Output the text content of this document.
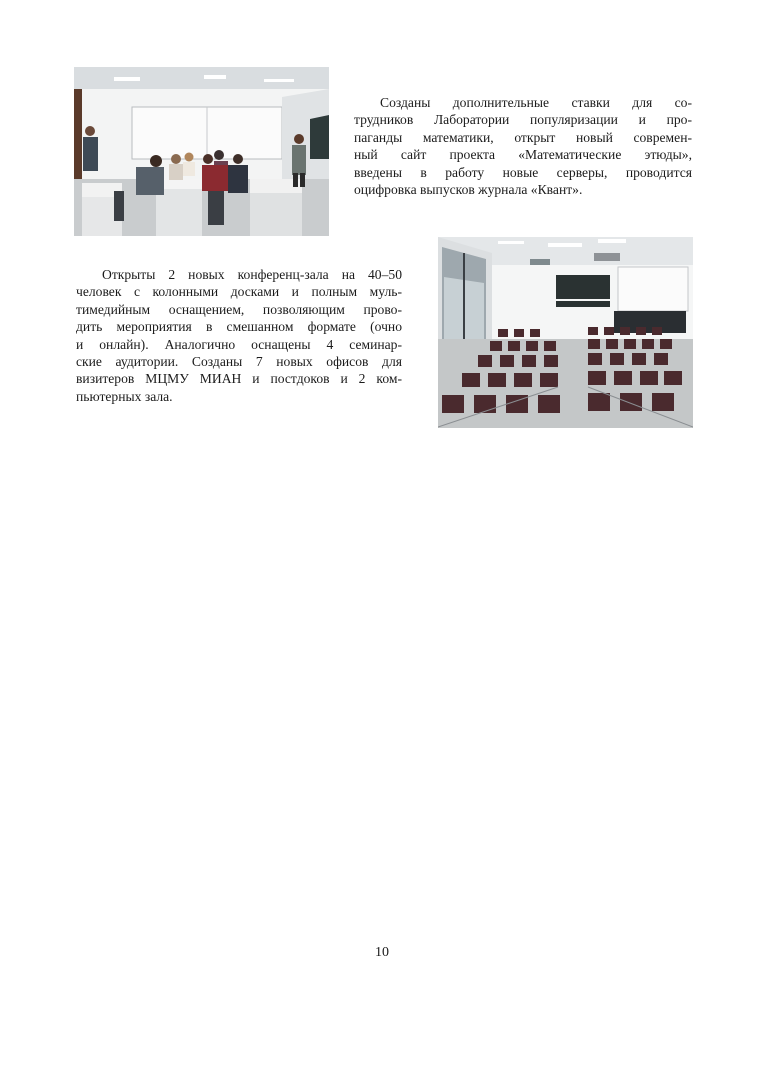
Созданы дополнительные ставки для со-
трудников Лаборатории популяризации и про-
паганды математики, открыт новый современ-
ный сайт проекта «Математические этюды»,
введены в работу новые серверы, проводится
оцифровка выпусков журнала «Квант».

Открыты 2 новых конференц-зала на 40–50
человек с колонными досками и полным муль-
тимедийным оснащением, позволяющим прово-
дить мероприятия в смешанном формате (очно
и онлайн). Аналогично оснащены 4 семинар-
ские аудитории. Созданы 7 новых офисов для
визитеров МЦМУ МИАН и постдоков и 2 ком-
пьютерных зала.

10
